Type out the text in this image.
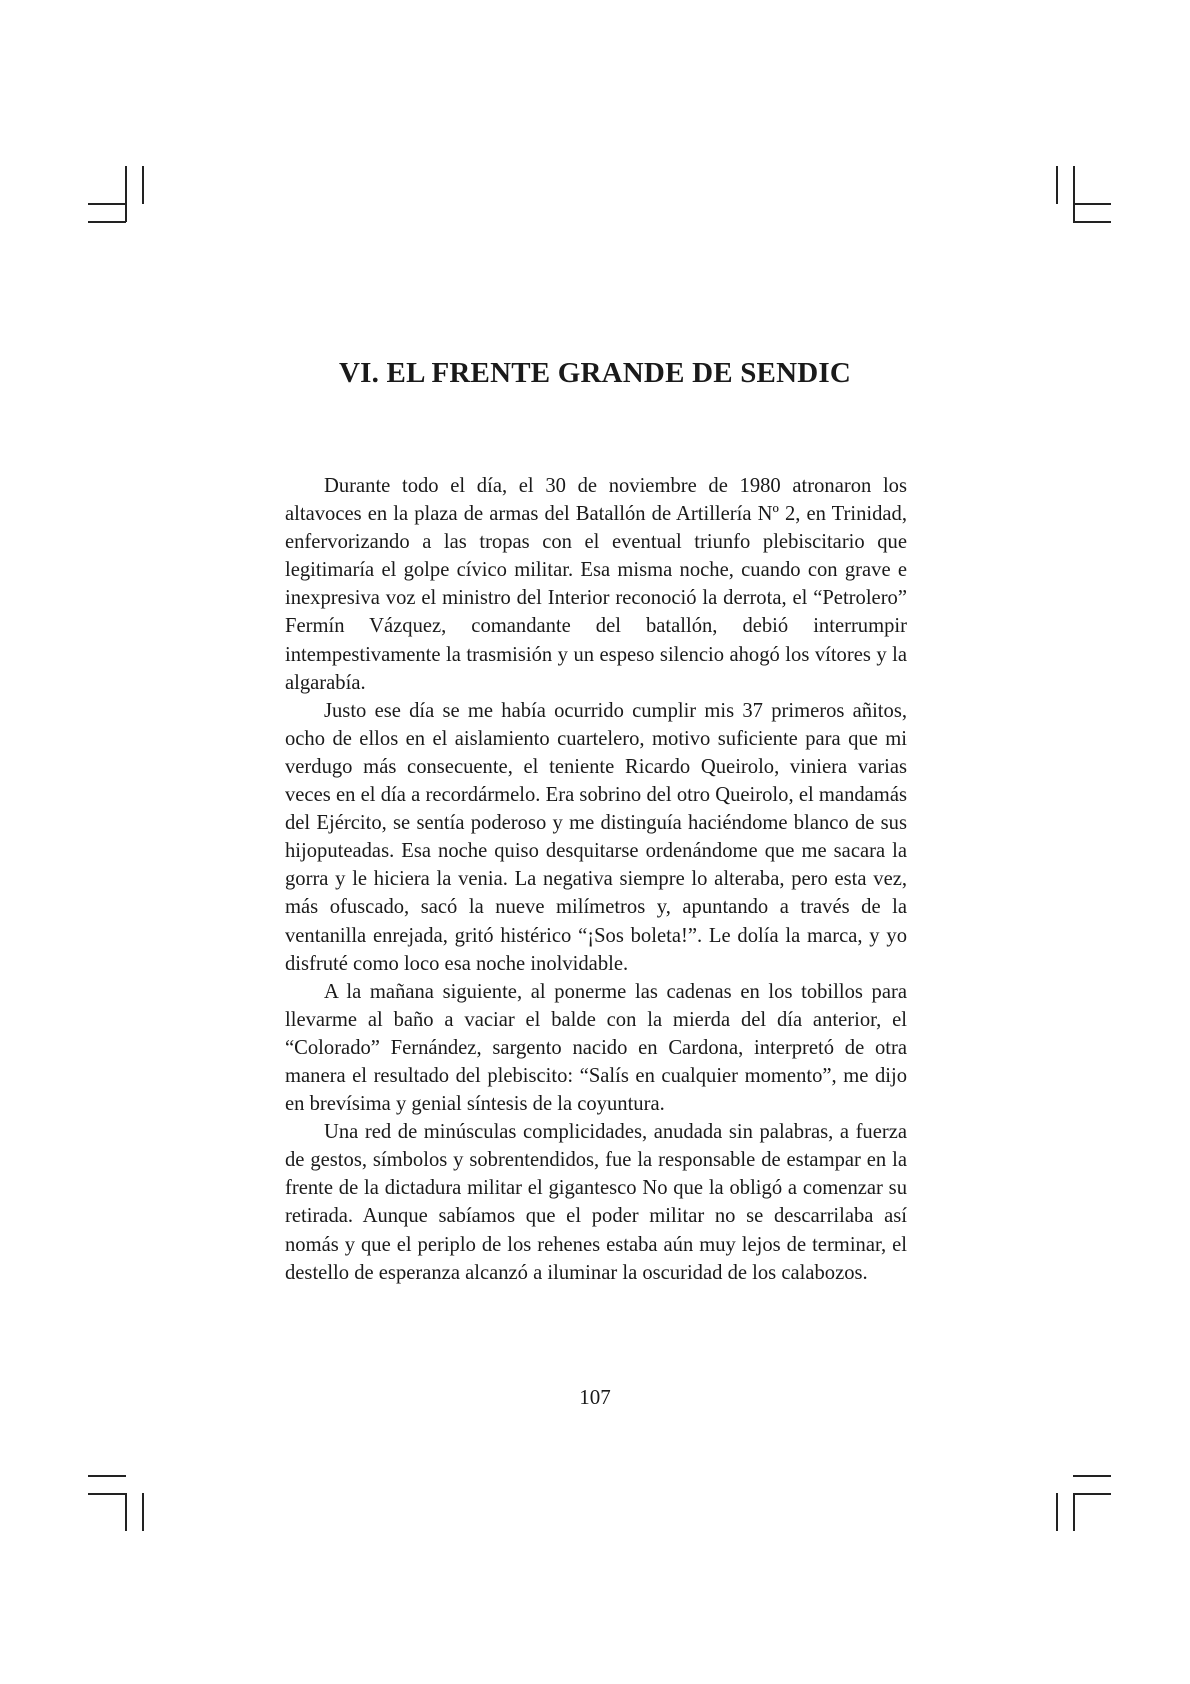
VI. EL FRENTE GRANDE DE SENDIC

Durante todo el día, el 30 de noviembre de 1980 atronaron los altavoces en la plaza de armas del Batallón de Artillería Nº 2, en Trinidad, enfervorizando a las tropas con el eventual triunfo plebiscitario que legitimaría el golpe cívico militar. Esa misma noche, cuando con grave e inexpresiva voz el ministro del Interior reconoció la derrota, el “Petrolero” Fermín Vázquez, comandante del batallón, debió interrumpir intempestivamente la trasmisión y un espeso silencio ahogó los vítores y la algarabía.

Justo ese día se me había ocurrido cumplir mis 37 primeros añitos, ocho de ellos en el aislamiento cuartelero, motivo suficiente para que mi verdugo más consecuente, el teniente Ricardo Queirolo, viniera varias veces en el día a recordármelo. Era sobrino del otro Queirolo, el mandamás del Ejército, se sentía poderoso y me distinguía haciéndome blanco de sus hijoputeadas. Esa noche quiso desquitarse ordenándome que me sacara la gorra y le hiciera la venia. La negativa siempre lo alteraba, pero esta vez, más ofuscado, sacó la nueve milímetros y, apuntando a través de la ventanilla enrejada, gritó histérico “¡Sos boleta!”. Le dolía la marca, y yo disfruté como loco esa noche inolvidable.

A la mañana siguiente, al ponerme las cadenas en los tobillos para llevarme al baño a vaciar el balde con la mierda del día anterior, el “Colorado” Fernández, sargento nacido en Cardona, interpretó de otra manera el resultado del plebiscito: “Salís en cualquier momento”, me dijo en brevísima y genial síntesis de la coyuntura.

Una red de minúsculas complicidades, anudada sin palabras, a fuerza de gestos, símbolos y sobrentendidos, fue la responsable de estampar en la frente de la dictadura militar el gigantesco No que la obligó a comenzar su retirada. Aunque sabíamos que el poder militar no se descarrilaba así nomás y que el periplo de los rehenes estaba aún muy lejos de terminar, el destello de esperanza alcanzó a iluminar la oscuridad de los calabozos.

107
